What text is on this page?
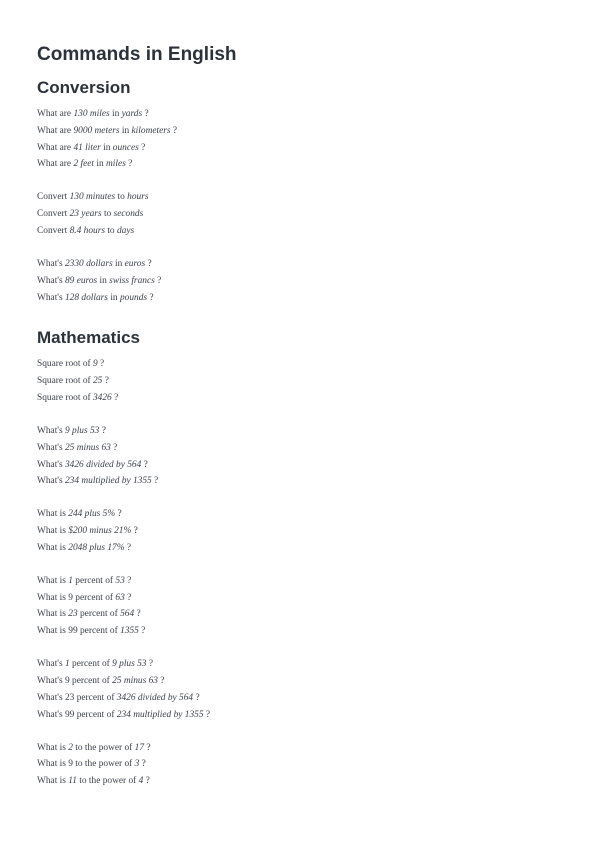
Commands in English
Conversion
What are 130 miles in yards ?
What are 9000 meters in kilometers ?
What are 41 liter in ounces ?
What are 2 feet in miles ?
Convert 130 minutes to hours
Convert 23 years to seconds
Convert 8.4 hours to days
What's 2330 dollars in euros ?
What's 89 euros in swiss francs ?
What's 128 dollars in pounds ?
Mathematics
Square root of 9 ?
Square root of 25 ?
Square root of 3426 ?
What's 9 plus 53 ?
What's 25 minus 63 ?
What's 3426 divided by 564 ?
What's 234 multiplied by 1355 ?
What is 244 plus 5% ?
What is $200 minus 21% ?
What is 2048 plus 17% ?
What is 1 percent of 53 ?
What is 9 percent of 63 ?
What is 23 percent of 564 ?
What is 99 percent of 1355 ?
What's 1 percent of 9 plus 53 ?
What's 9 percent of 25 minus 63 ?
What's 23 percent of 3426 divided by 564 ?
What's 99 percent of 234 multiplied by 1355 ?
What is 2 to the power of 17 ?
What is 9 to the power of 3 ?
What is 11 to the power of 4 ?
